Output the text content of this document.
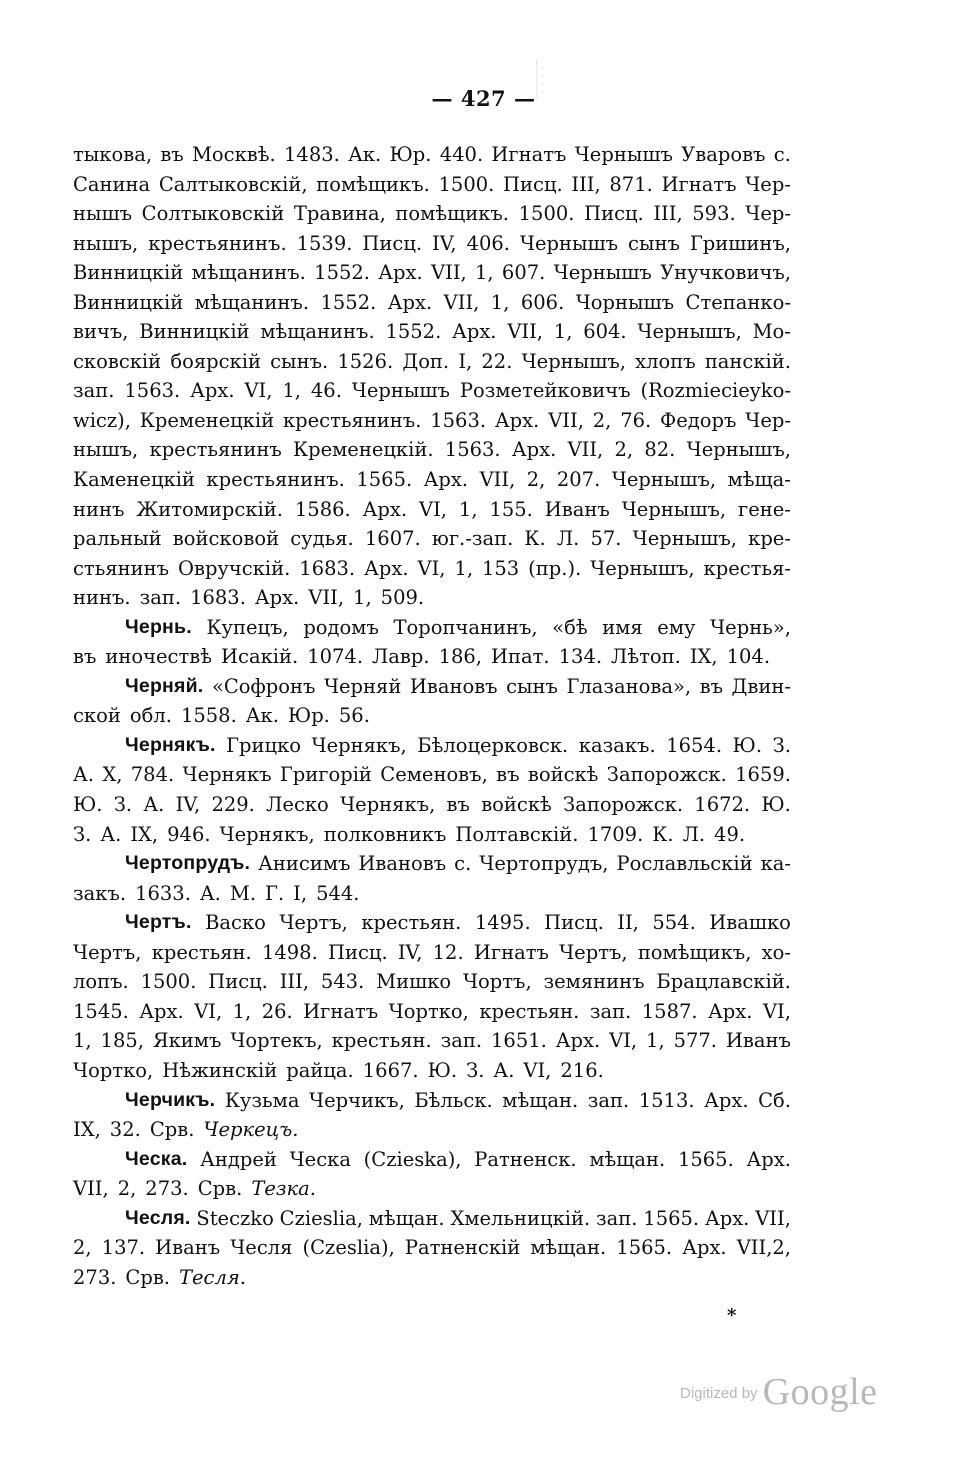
— 427 —
тыкова, въ Москвѣ. 1483. Ак. Юр. 440. Игнатъ Чернышъ Уваровъ с.
Санина Салтыковскій, помѣщикъ. 1500. Писц. III, 871. Игнатъ Чер-
нышъ Солтыковскій Травина, помѣщикъ. 1500. Писц. III, 593. Чер-
нышъ, крестьянинъ. 1539. Писц. IV, 406. Чернышъ сынъ Гришинъ,
Винницкій мѣщанинъ. 1552. Арх. VII, 1, 607. Чернышъ Унучковичъ,
Винницкій мѣщанинъ. 1552. Арх. VII, 1, 606. Чорнышъ Степанко-
вичъ, Винницкій мѣщанинъ. 1552. Арх. VII, 1, 604. Чернышъ, Мо-
сковскій боярскій сынъ. 1526. Доп. I, 22. Чернышъ, хлопъ панскій.
зап. 1563. Арх. VI, 1, 46. Чернышъ Розметейковичъ (Rozmiecieyko-
wicz), Кременецкій крестьянинъ. 1563. Арх. VII, 2, 76. Федоръ Чер-
нышъ, крестьянинъ Кременецкій. 1563. Арх. VII, 2, 82. Чернышъ,
Каменецкій крестьянинъ. 1565. Арх. VII, 2, 207. Чернышъ, мѣща-
нинъ Житомирскій. 1586. Арх. VI, 1, 155. Иванъ Чернышъ, гене-
ральный войсковой судья. 1607. юг.-зап. К. Л. 57. Чернышъ, кре-
стьянинъ Овручскій. 1683. Арх. VI, 1, 153 (пр.). Чернышъ, крестья-
нинъ. зап. 1683. Арх. VII, 1, 509.
Чернь. Купецъ, родомъ Торопчанинъ, «бѣ имя ему Чернь»,
въ иночествѣ Исакій. 1074. Лавр. 186, Ипат. 134. Лѣтоп. IX, 104.
Черняй. «Софронъ Черняй Ивановъ сынъ Глазанова», въ Двин-
ской обл. 1558. Ак. Юр. 56.
Чернякъ. Грицко Чернякъ, Бѣлоцерковск. казакъ. 1654. Ю. З.
А. X, 784. Чернякъ Григорій Семеновъ, въ войскѣ Запорожск. 1659.
Ю. З. А. IV, 229. Леско Чернякъ, въ войскѣ Запорожск. 1672. Ю.
З. А. IX, 946. Чернякъ, полковникъ Полтавскій. 1709. К. Л. 49.
Чертопрудъ. Анисимъ Ивановъ с. Чертопрудъ, Рославльскій ка-
закъ. 1633. А. М. Г. I, 544.
Чертъ. Васко Чертъ, крестьян. 1495. Писц. II, 554. Ивашко
Чертъ, крестьян. 1498. Писц. IV, 12. Игнатъ Чертъ, помѣщикъ, хо-
лопъ. 1500. Писц. III, 543. Мишко Чортъ, земянинъ Брацлавскій.
1545. Арх. VI, 1, 26. Игнатъ Чортко, крестьян. зап. 1587. Арх. VI,
1, 185, Якимъ Чортекъ, крестьян. зап. 1651. Арх. VI, 1, 577. Иванъ
Чортко, Нѣжинскій райца. 1667. Ю. З. А. VI, 216.
Черчикъ. Кузьма Черчикъ, Бѣльск. мѣщан. зап. 1513. Арх. Сб.
IX, 32. Срв. Черкецъ.
Ческа. Андрей Ческа (Czieska), Ратненск. мѣщан. 1565. Арх.
VII, 2, 273. Срв. Тезка.
Чесля. Steczko Cziesliа, мѣщан. Хмельницкій. зап. 1565. Арх. VII,
2, 137. Иванъ Чесля (Czesliа), Ратненскій мѣщан. 1565. Арх. VII,2,
273. Срв. Тесля.
*
Digitized by Google
